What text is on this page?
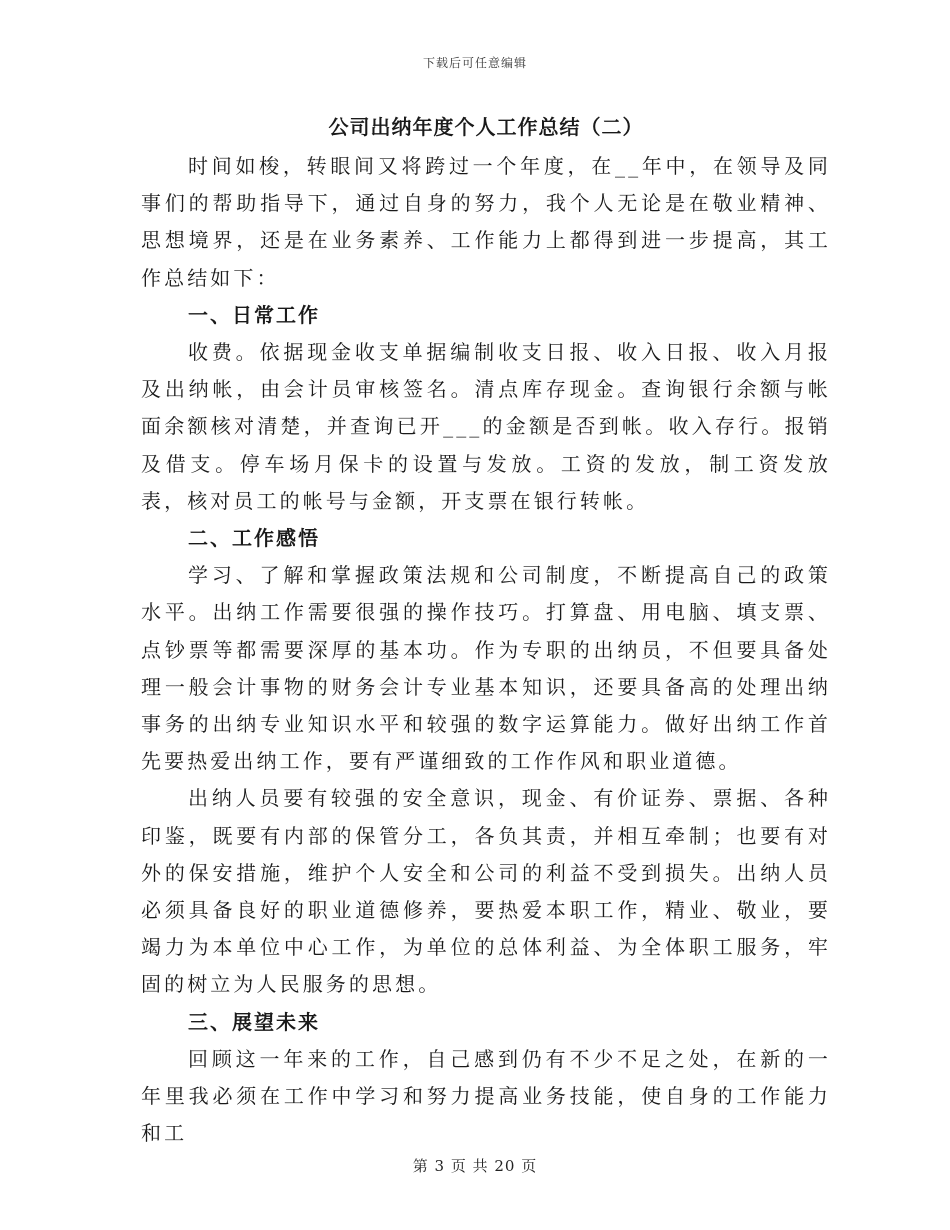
下载后可任意编辑
公司出纳年度个人工作总结（二）

时间如梭，转眼间又将跨过一个年度，在__年中，在领导及同事们的帮助指导下，通过自身的努力，我个人无论是在敬业精神、思想境界，还是在业务素养、工作能力上都得到进一步提高，其工作总结如下：

一、日常工作

收费。依据现金收支单据编制收支日报、收入日报、收入月报及出纳帐，由会计员审核签名。清点库存现金。查询银行余额与帐面余额核对清楚，并查询已开___的金额是否到帐。收入存行。报销及借支。停车场月保卡的设置与发放。工资的发放，制工资发放表，核对员工的帐号与金额，开支票在银行转帐。

二、工作感悟

学习、了解和掌握政策法规和公司制度，不断提高自己的政策水平。出纳工作需要很强的操作技巧。打算盘、用电脑、填支票、点钞票等都需要深厚的基本功。作为专职的出纳员，不但要具备处理一般会计事物的财务会计专业基本知识，还要具备高的处理出纳事务的出纳专业知识水平和较强的数字运算能力。做好出纳工作首先要热爱出纳工作，要有严谨细致的工作作风和职业道德。

出纳人员要有较强的安全意识，现金、有价证券、票据、各种印鉴，既要有内部的保管分工，各负其责，并相互牵制；也要有对外的保安措施，维护个人安全和公司的利益不受到损失。出纳人员必须具备良好的职业道德修养，要热爱本职工作，精业、敬业，要竭力为本单位中心工作，为单位的总体利益、为全体职工服务，牢固的树立为人民服务的思想。

三、展望未来

回顾这一年来的工作，自己感到仍有不少不足之处，在新的一年里我必须在工作中学习和努力提高业务技能，使自身的工作能力和工

第 3 页 共 20 页
